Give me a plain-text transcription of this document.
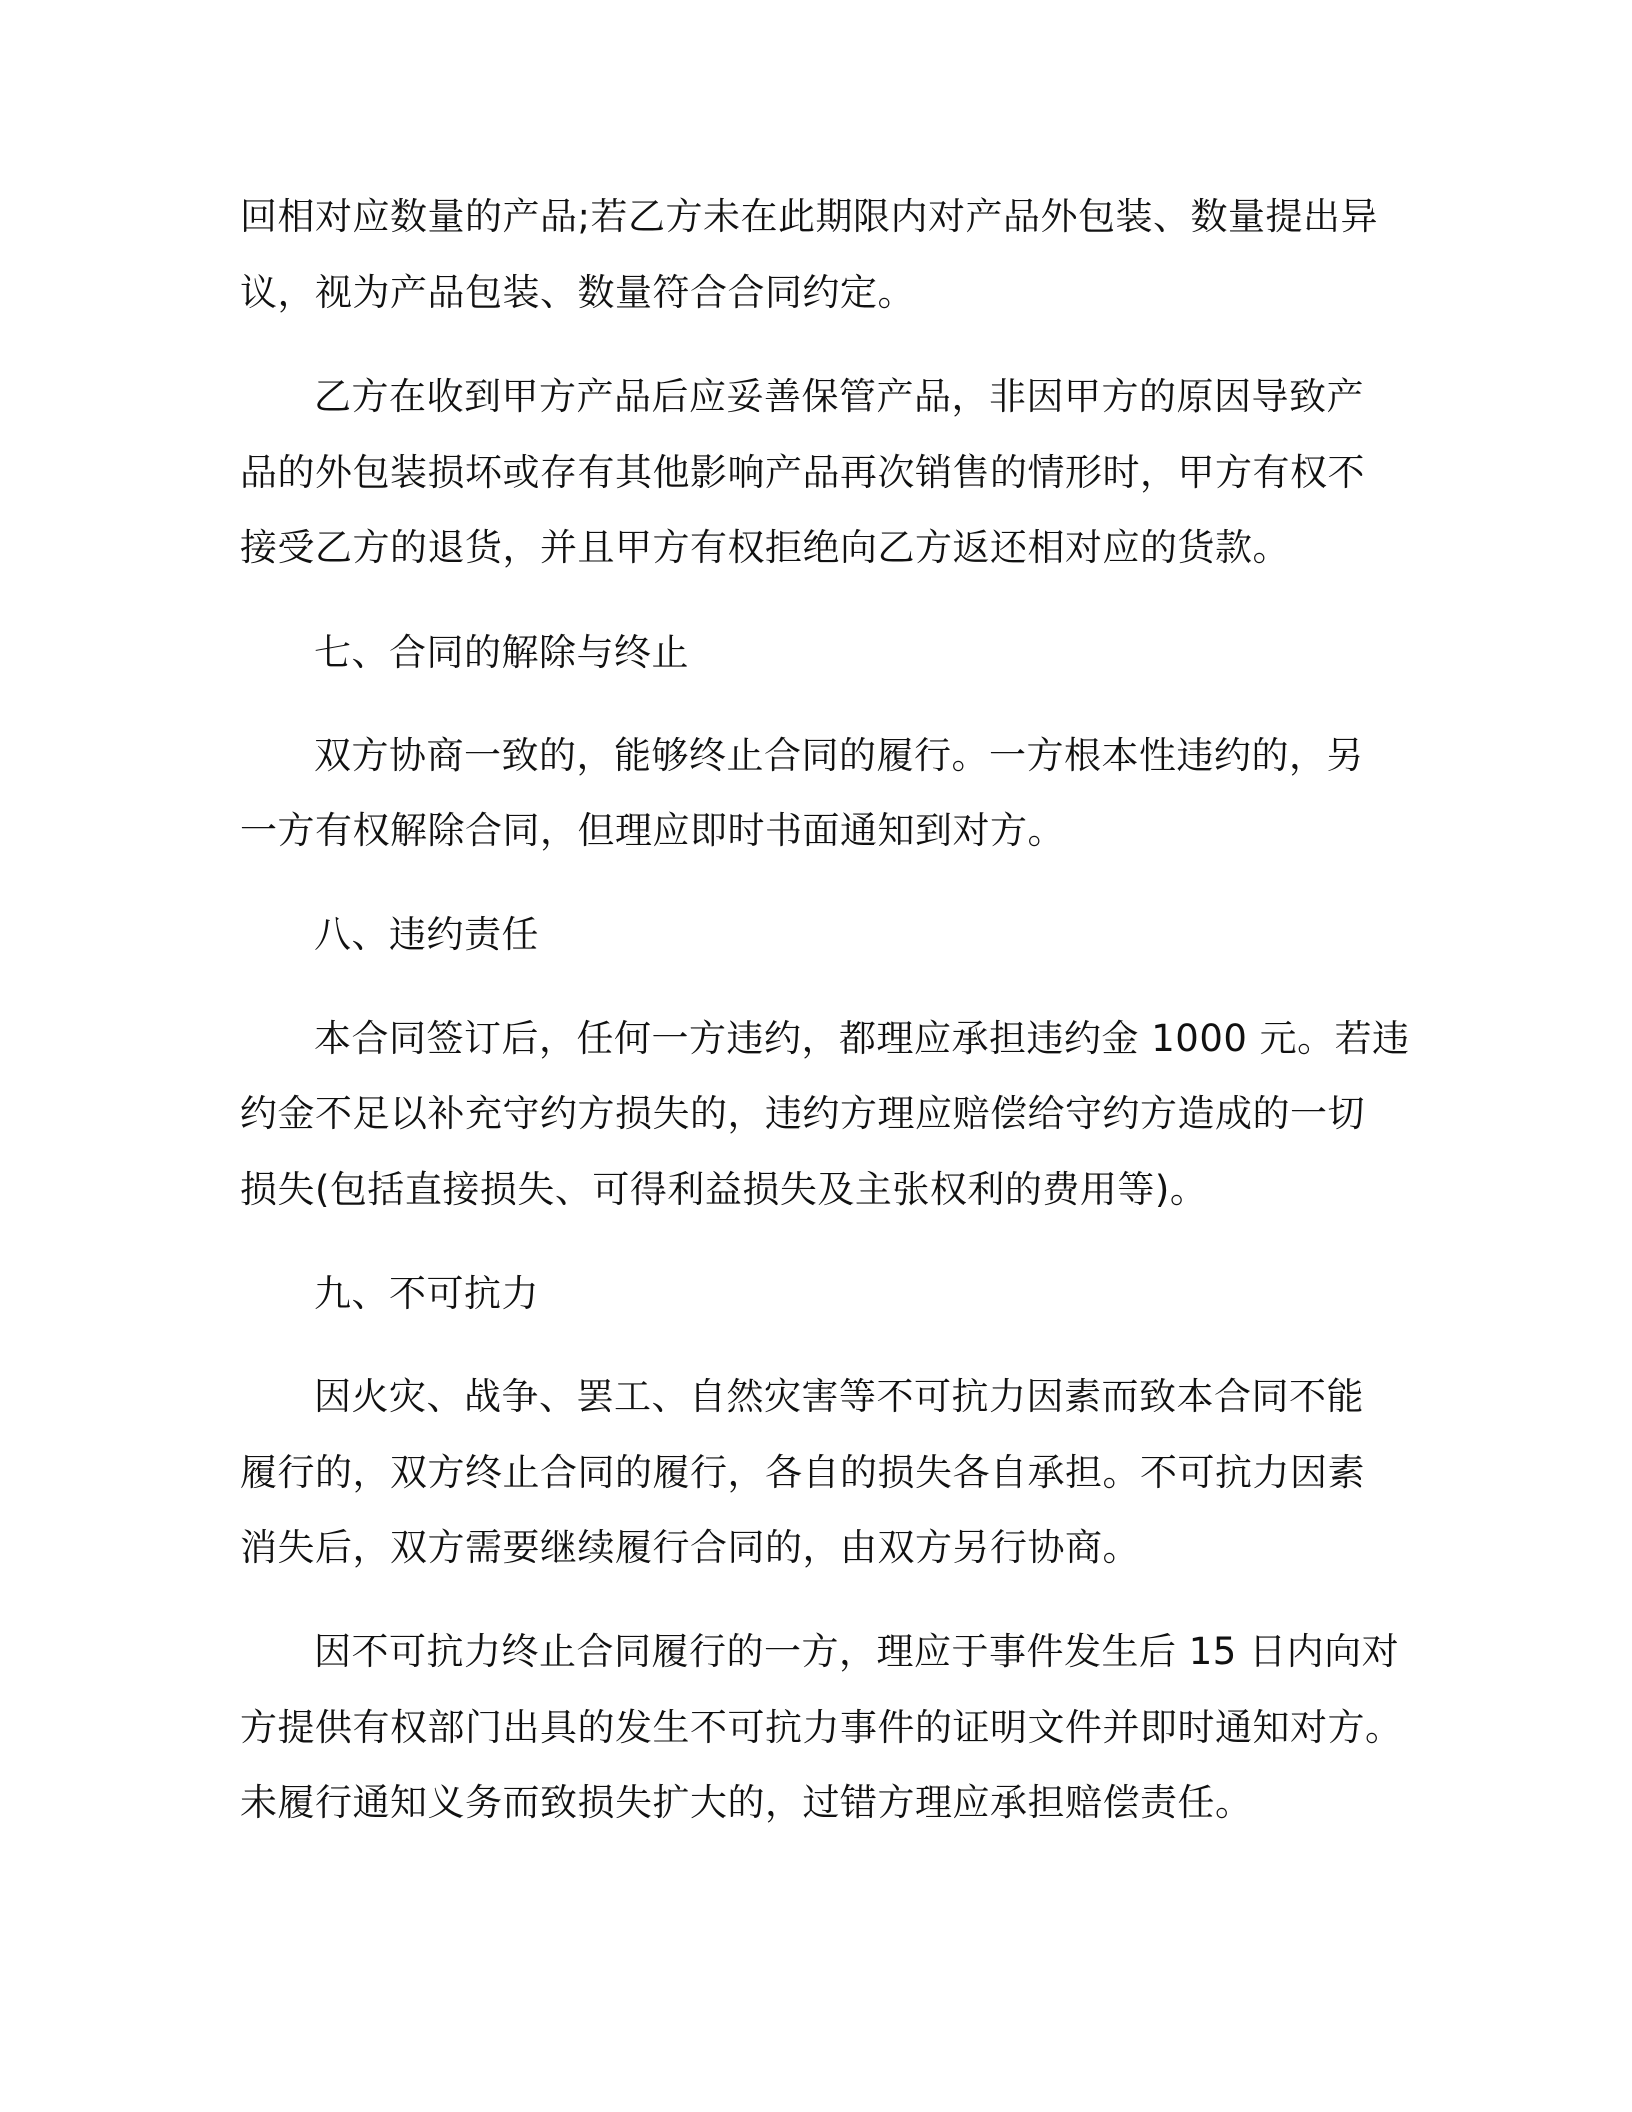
回相对应数量的产品;若乙方未在此期限内对产品外包装、数量提出异
议，视为产品包装、数量符合合同约定。
乙方在收到甲方产品后应妥善保管产品，非因甲方的原因导致产
品的外包装损坏或存有其他影响产品再次销售的情形时，甲方有权不
接受乙方的退货，并且甲方有权拒绝向乙方返还相对应的货款。
七、合同的解除与终止
双方协商一致的，能够终止合同的履行。一方根本性违约的，另
一方有权解除合同，但理应即时书面通知到对方。
八、违约责任
本合同签订后，任何一方违约，都理应承担违约金 1000 元。若违
约金不足以补充守约方损失的，违约方理应赔偿给守约方造成的一切
损失(包括直接损失、可得利益损失及主张权利的费用等)。
九、不可抗力
因火灾、战争、罢工、自然灾害等不可抗力因素而致本合同不能
履行的，双方终止合同的履行，各自的损失各自承担。不可抗力因素
消失后，双方需要继续履行合同的，由双方另行协商。
因不可抗力终止合同履行的一方，理应于事件发生后 15 日内向对
方提供有权部门出具的发生不可抗力事件的证明文件并即时通知对方。
未履行通知义务而致损失扩大的，过错方理应承担赔偿责任。
